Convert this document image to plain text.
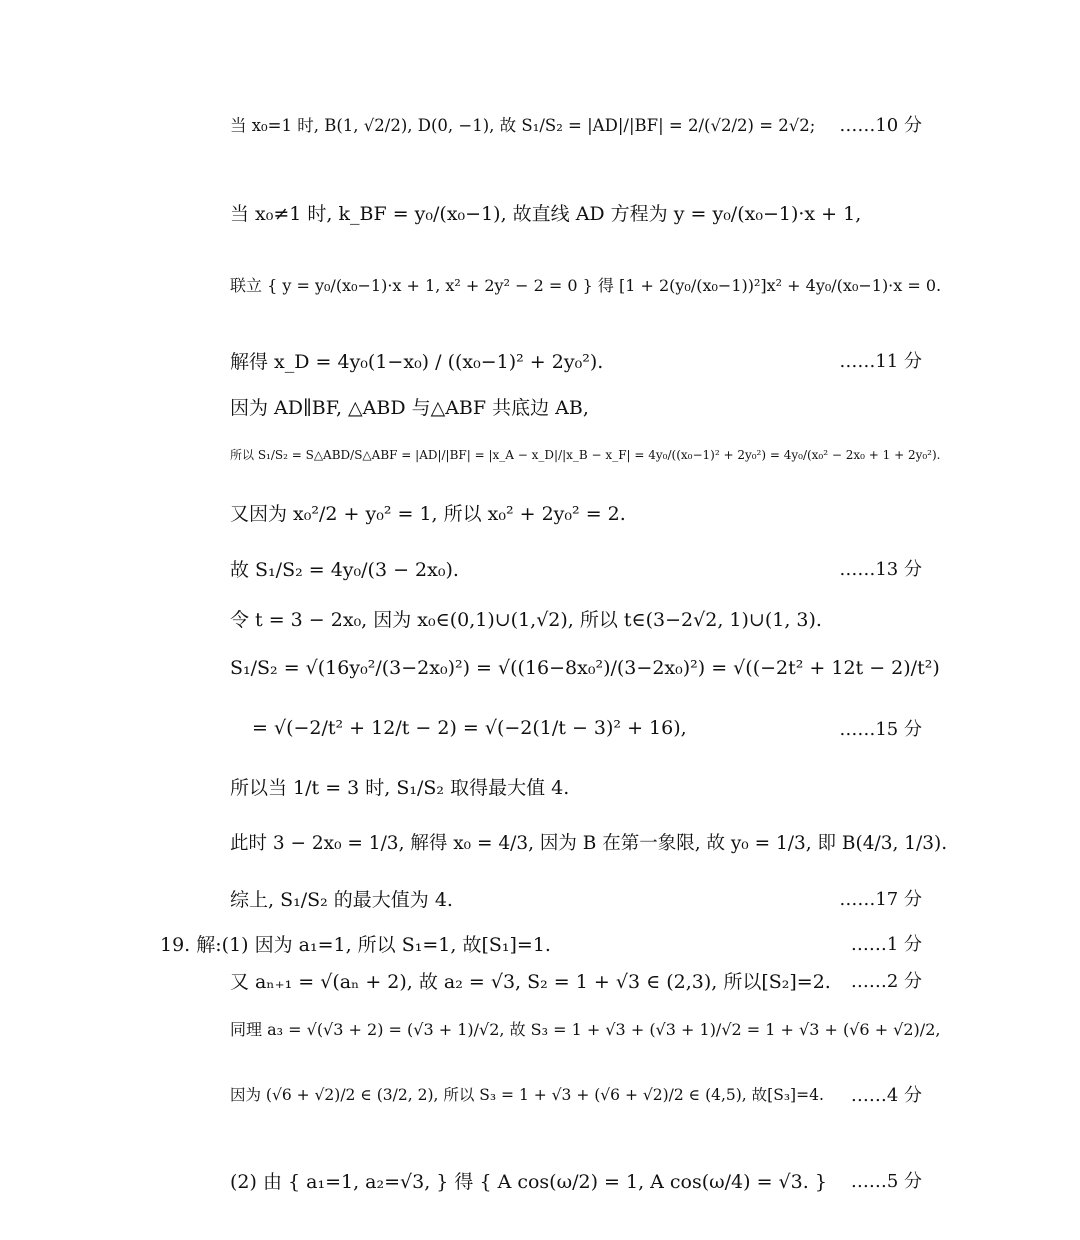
当 x₀=1 时, B(1, √2/2), D(0, −1), 故 S₁/S₂ = |AD|/|BF| = 2/(√2/2) = 2√2; ……10 分
当 x₀≠1 时, k_BF = y₀/(x₀−1), 故直线 AD 方程为 y = y₀/(x₀−1)·x + 1,
联立 { y = y₀/(x₀−1)·x + 1, x² + 2y² − 2 = 0 } 得 [1 + 2(y₀/(x₀−1))²]x² + 4y₀/(x₀−1)·x = 0.
解得 x_D = 4y₀(1−x₀) / ((x₀−1)² + 2y₀²).	……11 分
因为 AD∥BF, △ABD 与△ABF 共底边 AB,
所以 S₁/S₂ = S△ABD/S△ABF = |AD|/|BF| = |x_A − x_D|/|x_B − x_F| = 4y₀/((x₀−1)² + 2y₀²) = 4y₀/(x₀² − 2x₀ + 1 + 2y₀²).
又因为 x₀²/2 + y₀² = 1, 所以 x₀² + 2y₀² = 2.
故 S₁/S₂ = 4y₀/(3 − 2x₀).	……13 分
令 t = 3 − 2x₀, 因为 x₀∈(0,1)∪(1,√2), 所以 t∈(3−2√2, 1)∪(1, 3).
S₁/S₂ = √(16y₀²/(3−2x₀)²) = √((16−8x₀²)/(3−2x₀)²) = √((−2t² + 12t − 2)/t²)
= √(−2/t² + 12/t − 2) = √(−2(1/t − 3)² + 16),	……15 分
所以当 1/t = 3 时, S₁/S₂ 取得最大值 4.
此时 3 − 2x₀ = 1/3, 解得 x₀ = 4/3, 因为 B 在第一象限, 故 y₀ = 1/3, 即 B(4/3, 1/3).
综上, S₁/S₂ 的最大值为 4.	……17 分
19. 解:(1) 因为 a₁=1, 所以 S₁=1, 故[S₁]=1.	……1 分
又 aₙ₊₁ = √(aₙ + 2), 故 a₂ = √3, S₂ = 1 + √3 ∈ (2,3), 所以[S₂]=2. ……2 分
同理 a₃ = √(√3 + 2) = (√3 + 1)/√2, 故 S₃ = 1 + √3 + (√3 + 1)/√2 = 1 + √3 + (√6 + √2)/2,
因为 (√6 + √2)/2 ∈ (3/2, 2), 所以 S₃ = 1 + √3 + (√6 + √2)/2 ∈ (4,5), 故[S₃]=4. ……4 分
(2) 由 { a₁=1, a₂=√3, } 得 { A cos(ω/2) = 1, A cos(ω/4) = √3. } ……5 分
